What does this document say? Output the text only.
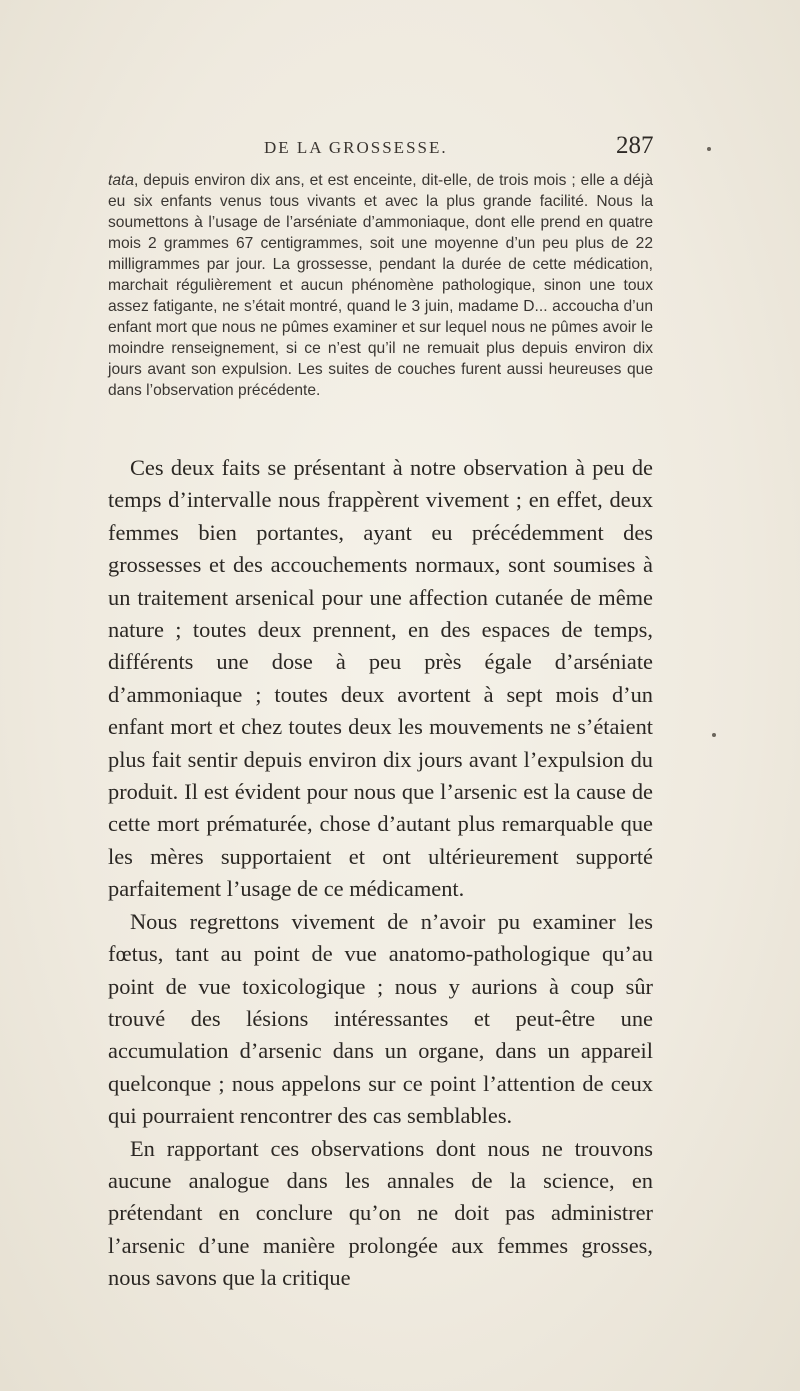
DE LA GROSSESSE.	287

tata, depuis environ dix ans, et est enceinte, dit-elle, de trois mois ; elle a déjà eu six enfants venus tous vivants et avec la plus grande facilité. Nous la soumettons à l’usage de l’arséniate d’ammoniaque, dont elle prend en quatre mois 2 grammes 67 centigrammes, soit une moyenne d’un peu plus de 22 milligrammes par jour. La grossesse, pendant la durée de cette médication, marchait régulièrement et aucun phénomène pathologique, sinon une toux assez fatigante, ne s’était montré, quand le 3 juin, madame D... accoucha d’un enfant mort que nous ne pûmes examiner et sur lequel nous ne pûmes avoir le moindre renseignement, si ce n’est qu’il ne remuait plus depuis environ dix jours avant son expulsion. Les suites de couches furent aussi heureuses que dans l’observation précédente.

Ces deux faits se présentant à notre observation à peu de temps d’intervalle nous frappèrent vivement ; en effet, deux femmes bien portantes, ayant eu précédemment des grossesses et des accouchements normaux, sont soumises à un traitement arsenical pour une affection cutanée de même nature ; toutes deux prennent, en des espaces de temps, différents une dose à peu près égale d’arséniate d’ammoniaque ; toutes deux avortent à sept mois d’un enfant mort et chez toutes deux les mouvements ne s’étaient plus fait sentir depuis environ dix jours avant l’expulsion du produit. Il est évident pour nous que l’arsenic est la cause de cette mort prématurée, chose d’autant plus remarquable que les mères supportaient et ont ultérieurement supporté parfaitement l’usage de ce médicament.

Nous regrettons vivement de n’avoir pu examiner les fœtus, tant au point de vue anatomo-pathologique qu’au point de vue toxicologique ; nous y aurions à coup sûr trouvé des lésions intéressantes et peut-être une accumulation d’arsenic dans un organe, dans un appareil quelconque ; nous appelons sur ce point l’attention de ceux qui pourraient rencontrer des cas semblables.

En rapportant ces observations dont nous ne trouvons aucune analogue dans les annales de la science, en prétendant en conclure qu’on ne doit pas administrer l’arsenic d’une manière prolongée aux femmes grosses, nous savons que la critique
